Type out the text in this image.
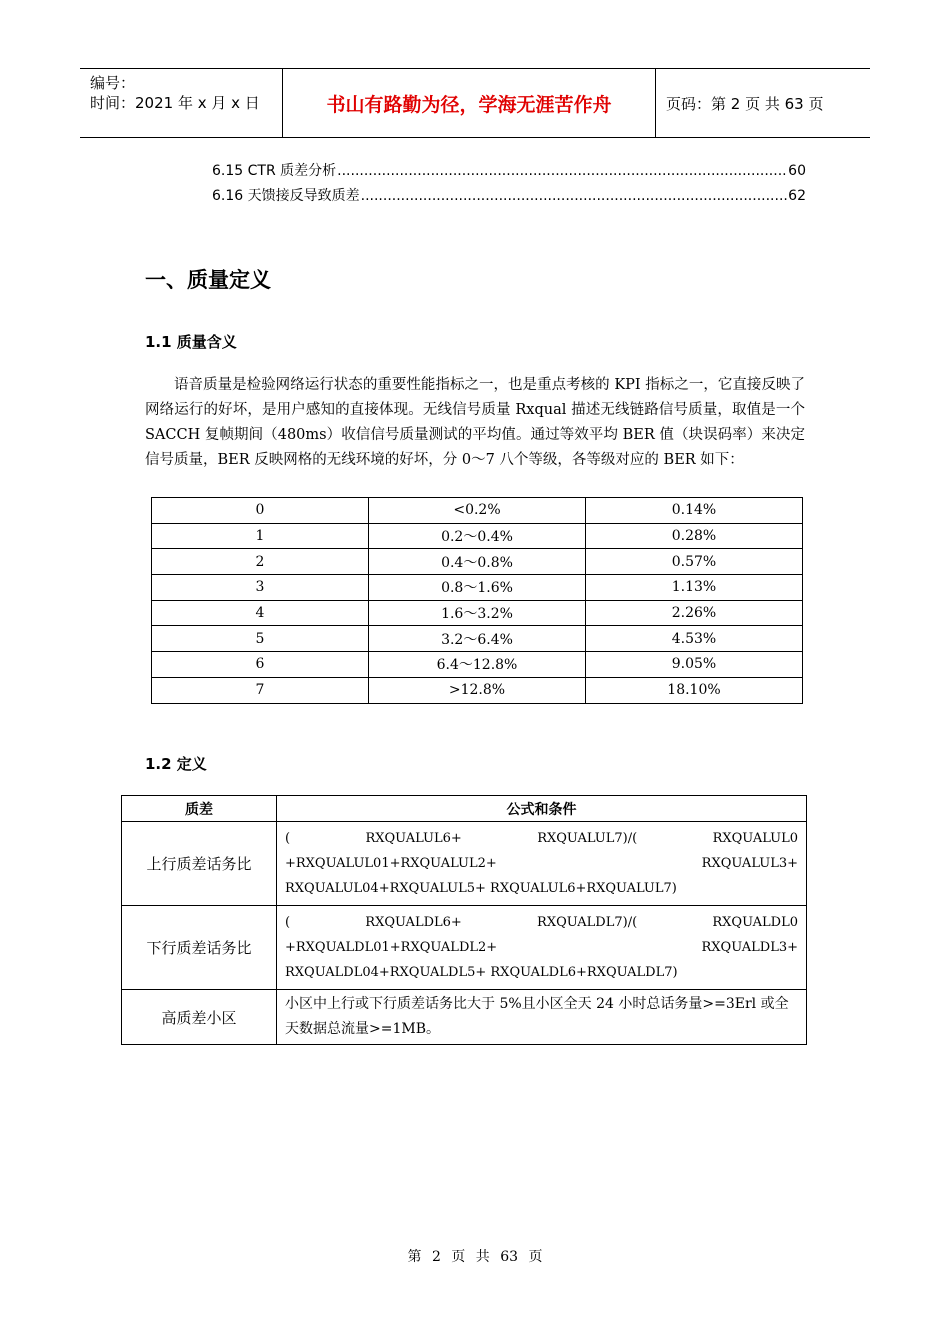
编号：
时间：2021 年 x 月 x 日	书山有路勤为径，学海无涯苦作舟	页码：第 2 页 共 63 页
6.15 CTR 质差分析 .....	60
6.16 天馈接反导致质差 .....	62
一、质量定义
1.1 质量含义
语音质量是检验网络运行状态的重要性能指标之一，也是重点考核的 KPI 指标之一，它直接反映了网络运行的好坏，是用户感知的直接体现。无线信号质量 Rxqual 描述无线链路信号质量，取值是一个 SACCH 复帧期间（480ms）收信信号质量测试的平均值。通过等效平均 BER 值（块误码率）来决定信号质量，BER 反映网格的无线环境的好坏，分 0～7 八个等级，各等级对应的 BER 如下：
0	<0.2%	0.14%
1	0.2～0.4%	0.28%
2	0.4～0.8%	0.57%
3	0.8～1.6%	1.13%
4	1.6～3.2%	2.26%
5	3.2～6.4%	4.53%
6	6.4～12.8%	9.05%
7	>12.8%	18.10%
1.2 定义
质差	公式和条件
上行质差话务比	( RXQUALUL6+ RXQUALUL7)/( RXQUALUL0 +RXQUALUL01+RXQUALUL2+ RXQUALUL3+ RXQUALUL04+RXQUALUL5+ RXQUALUL6+RXQUALUL7)
下行质差话务比	( RXQUALDL6+ RXQUALDL7)/( RXQUALDL0 +RXQUALDL01+RXQUALDL2+ RXQUALDL3+ RXQUALDL04+RXQUALDL5+ RXQUALDL6+RXQUALDL7)
高质差小区	小区中上行或下行质差话务比大于 5%且小区全天 24 小时总话务量>=3Erl 或全天数据总流量>=1MB。
第 2 页 共 63 页
